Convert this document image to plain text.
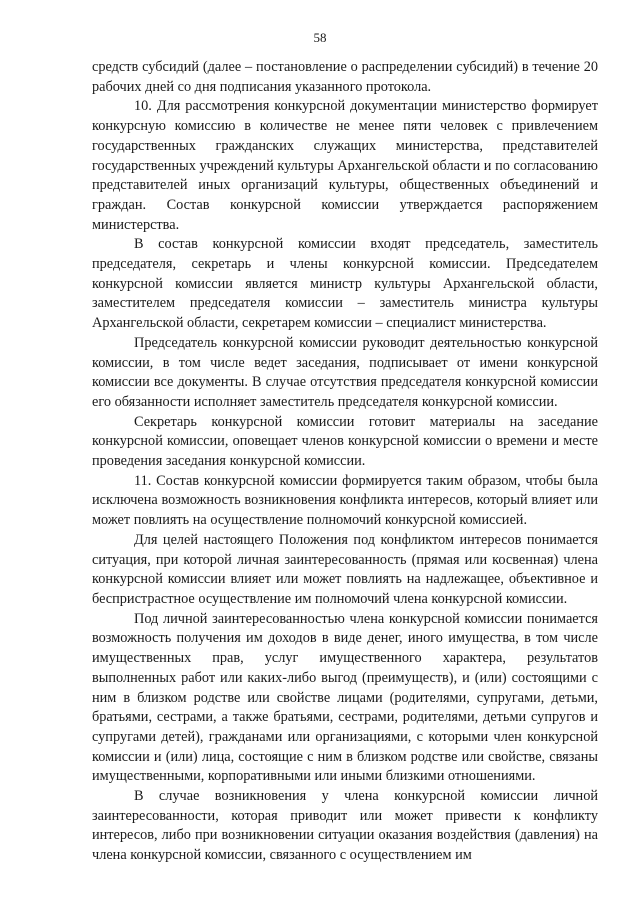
58

средств субсидий (далее – постановление о распределении субсидий) в течение 20 рабочих дней со дня подписания указанного протокола.

10. Для рассмотрения конкурсной документации министерство формирует конкурсную комиссию в количестве не менее пяти человек с привлечением государственных гражданских служащих министерства, представителей государственных учреждений культуры Архангельской области и по согласованию представителей иных организаций культуры, общественных объединений и граждан. Состав конкурсной комиссии утверждается распоряжением министерства.

В состав конкурсной комиссии входят председатель, заместитель председателя, секретарь и члены конкурсной комиссии. Председателем конкурсной комиссии является министр культуры Архангельской области, заместителем председателя комиссии – заместитель министра культуры Архангельской области, секретарем комиссии – специалист министерства.

Председатель конкурсной комиссии руководит деятельностью конкурсной комиссии, в том числе ведет заседания, подписывает от имени конкурсной комиссии все документы. В случае отсутствия председателя конкурсной комиссии его обязанности исполняет заместитель председателя конкурсной комиссии.

Секретарь конкурсной комиссии готовит материалы на заседание конкурсной комиссии, оповещает членов конкурсной комиссии о времени и месте проведения заседания конкурсной комиссии.

11. Состав конкурсной комиссии формируется таким образом, чтобы была исключена возможность возникновения конфликта интересов, который влияет или может повлиять на осуществление полномочий конкурсной комиссией.

Для целей настоящего Положения под конфликтом интересов понимается ситуация, при которой личная заинтересованность (прямая или косвенная) члена конкурсной комиссии влияет или может повлиять на надлежащее, объективное и беспристрастное осуществление им полномочий члена конкурсной комиссии.

Под личной заинтересованностью члена конкурсной комиссии понимается возможность получения им доходов в виде денег, иного имущества, в том числе имущественных прав, услуг имущественного характера, результатов выполненных работ или каких-либо выгод (преимуществ), и (или) состоящими с ним в близком родстве или свойстве лицами (родителями, супругами, детьми, братьями, сестрами, а также братьями, сестрами, родителями, детьми супругов и супругами детей), гражданами или организациями, с которыми член конкурсной комиссии и (или) лица, состоящие с ним в близком родстве или свойстве, связаны имущественными, корпоративными или иными близкими отношениями.

В случае возникновения у члена конкурсной комиссии личной заинтересованности, которая приводит или может привести к конфликту интересов, либо при возникновении ситуации оказания воздействия (давления) на члена конкурсной комиссии, связанного с осуществлением им
